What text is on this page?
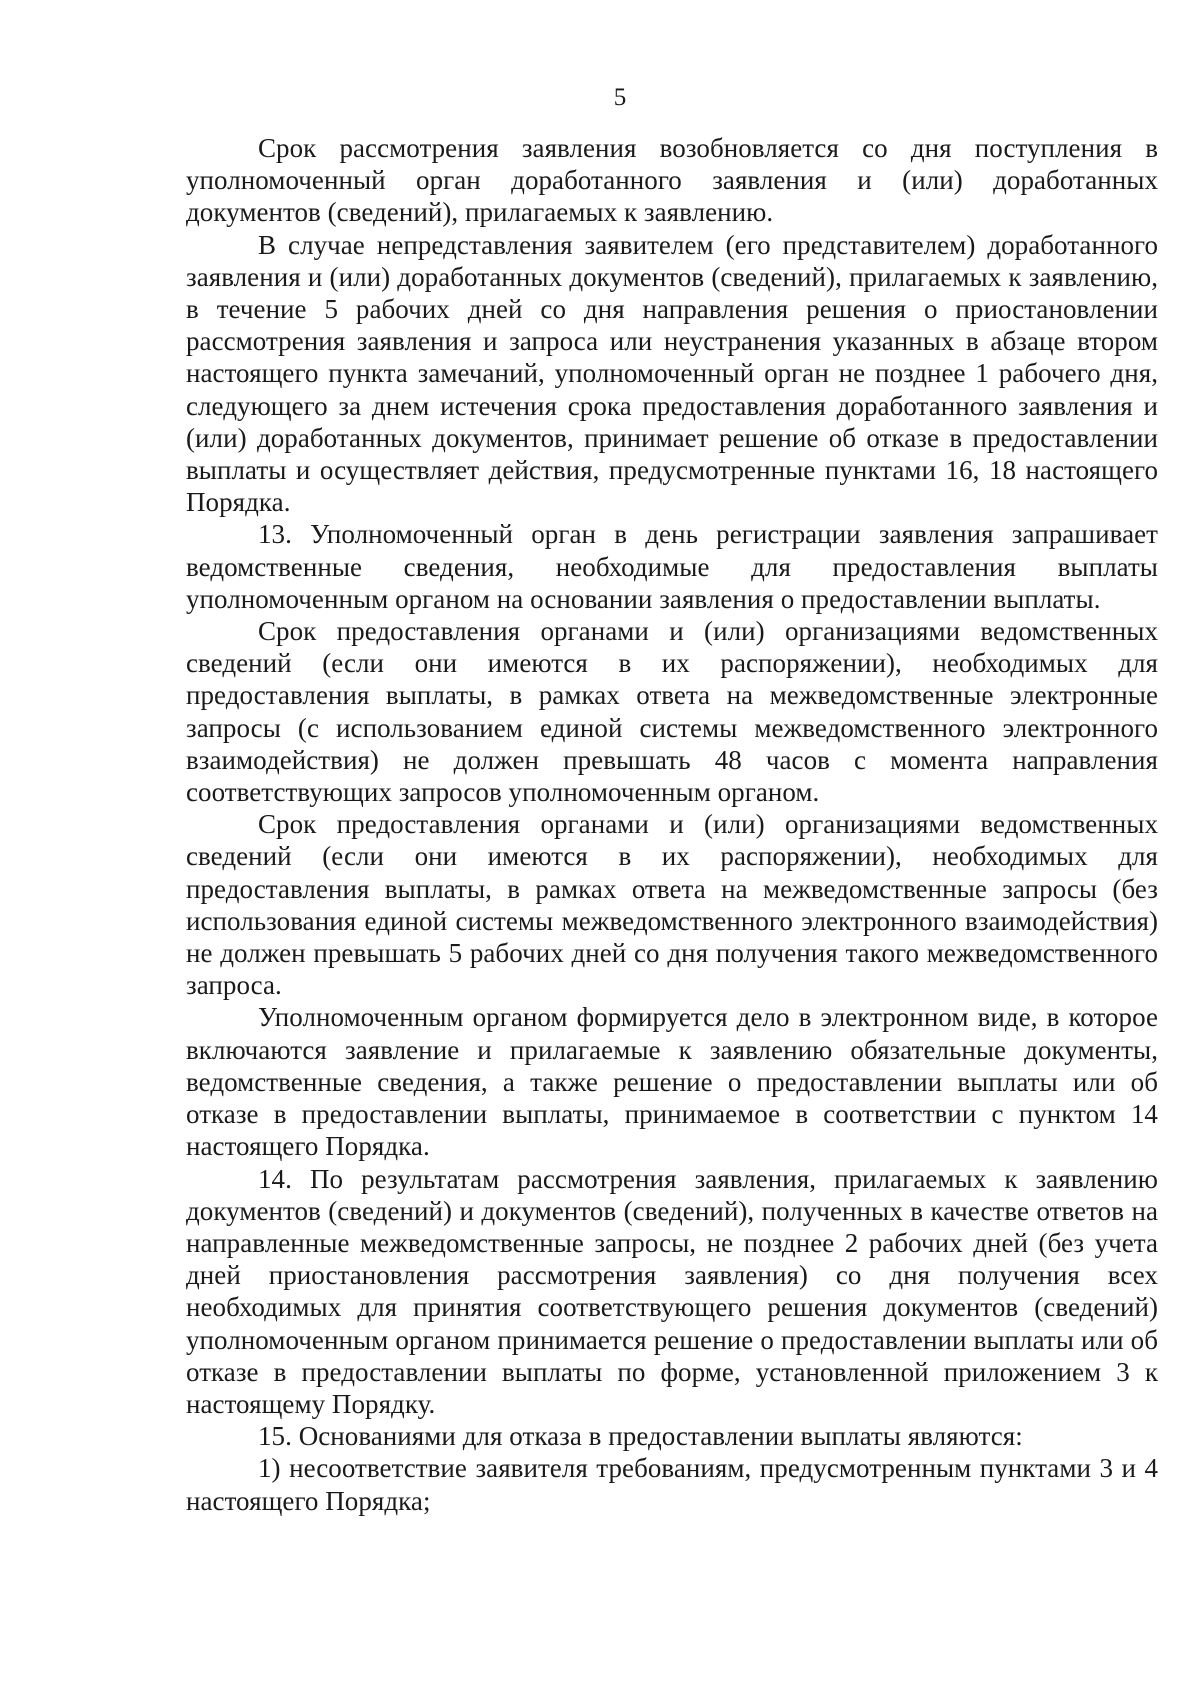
5

Срок рассмотрения заявления возобновляется со дня поступления в уполномоченный орган доработанного заявления и (или) доработанных документов (сведений), прилагаемых к заявлению.

В случае непредставления заявителем (его представителем) доработанного заявления и (или) доработанных документов (сведений), прилагаемых к заявлению, в течение 5 рабочих дней со дня направления решения о приостановлении рассмотрения заявления и запроса или неустранения указанных в абзаце втором настоящего пункта замечаний, уполномоченный орган не позднее 1 рабочего дня, следующего за днем истечения срока предоставления доработанного заявления и (или) доработанных документов, принимает решение об отказе в предоставлении выплаты и осуществляет действия, предусмотренные пунктами 16, 18 настоящего Порядка.

13. Уполномоченный орган в день регистрации заявления запрашивает ведомственные сведения, необходимые для предоставления выплаты уполномоченным органом на основании заявления о предоставлении выплаты.

Срок предоставления органами и (или) организациями ведомственных сведений (если они имеются в их распоряжении), необходимых для предоставления выплаты, в рамках ответа на межведомственные электронные запросы (с использованием единой системы межведомственного электронного взаимодействия) не должен превышать 48 часов с момента направления соответствующих запросов уполномоченным органом.

Срок предоставления органами и (или) организациями ведомственных сведений (если они имеются в их распоряжении), необходимых для предоставления выплаты, в рамках ответа на межведомственные запросы (без использования единой системы межведомственного электронного взаимодействия) не должен превышать 5 рабочих дней со дня получения такого межведомственного запроса.

Уполномоченным органом формируется дело в электронном виде, в которое включаются заявление и прилагаемые к заявлению обязательные документы, ведомственные сведения, а также решение о предоставлении выплаты или об отказе в предоставлении выплаты, принимаемое в соответствии с пунктом 14 настоящего Порядка.

14. По результатам рассмотрения заявления, прилагаемых к заявлению документов (сведений) и документов (сведений), полученных в качестве ответов на направленные межведомственные запросы, не позднее 2 рабочих дней (без учета дней приостановления рассмотрения заявления) со дня получения всех необходимых для принятия соответствующего решения документов (сведений) уполномоченным органом принимается решение о предоставлении выплаты или об отказе в предоставлении выплаты по форме, установленной приложением 3 к настоящему Порядку.

15. Основаниями для отказа в предоставлении выплаты являются:

1) несоответствие заявителя требованиям, предусмотренным пунктами 3 и 4 настоящего Порядка;
